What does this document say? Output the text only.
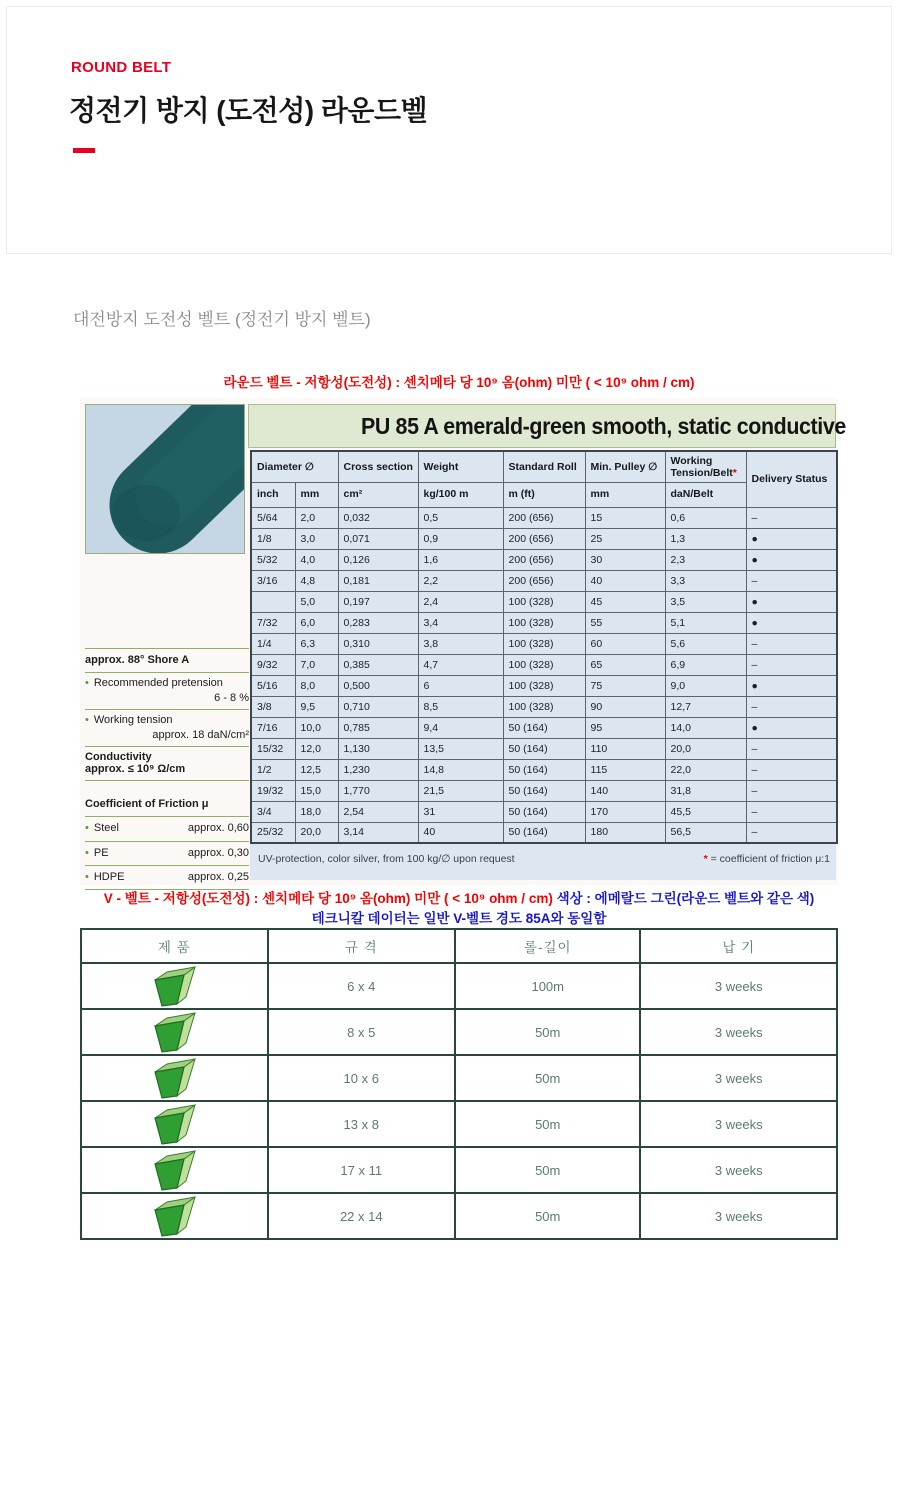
ROUND BELT
정전기 방지 (도전성) 라운드벨
대전방지 도전성 벨트 (정전기 방지 벨트)
라운드 벨트 - 저항성(도전성) : 센치메타 당 10⁹ 옴(ohm) 미만 ( < 10⁹ ohm / cm)
PU 85 A emerald-green smooth, static conductive
approx. 88° Shore A
• Recommended pretension
6 - 8 %
• Working tension
approx. 18 daN/cm²
Conductivity
approx. ≤ 10⁹ Ω/cm
Coefficient of Friction μ
• Steel	approx. 0,60
• PE	approx. 0,30
• HDPE	approx. 0,25
Diameter ∅		Cross section	Weight	Standard Roll	Min. Pulley ∅	Working Tension/Belt*	Delivery Status
inch	mm	cm²	kg/100 m	m (ft)	mm	daN/Belt	
5/64	2,0	0,032	0,5	200 (656)	15	0,6	–
1/8	3,0	0,071	0,9	200 (656)	25	1,3	●
5/32	4,0	0,126	1,6	200 (656)	30	2,3	●
3/16	4,8	0,181	2,2	200 (656)	40	3,3	–
	5,0	0,197	2,4	100 (328)	45	3,5	●
7/32	6,0	0,283	3,4	100 (328)	55	5,1	●
1/4	6,3	0,310	3,8	100 (328)	60	5,6	–
9/32	7,0	0,385	4,7	100 (328)	65	6,9	–
5/16	8,0	0,500	6	100 (328)	75	9,0	●
3/8	9,5	0,710	8,5	100 (328)	90	12,7	–
7/16	10,0	0,785	9,4	50 (164)	95	14,0	●
15/32	12,0	1,130	13,5	50 (164)	110	20,0	–
1/2	12,5	1,230	14,8	50 (164)	115	22,0	–
19/32	15,0	1,770	21,5	50 (164)	140	31,8	–
3/4	18,0	2,54	31	50 (164)	170	45,5	–
25/32	20,0	3,14	40	50 (164)	180	56,5	–
UV-protection, color silver, from 100 kg/∅ upon request	* = coefficient of friction μ:1
V - 벨트 - 저항성(도전성) : 센치메타 당 10⁹ 옴(ohm) 미만 ( < 10⁹ ohm / cm) 색상 : 에메랄드 그린(라운드 벨트와 같은 색)
테크니칼 데이터는 일반 V-벨트 경도 85A와 동일함
제 품	규 격	롤-길이	납 기

	6 x 4	100m	3 weeks

	8 x 5	50m	3 weeks

	10 x 6	50m	3 weeks

	13 x 8	50m	3 weeks

	17 x 11	50m	3 weeks

	22 x 14	50m	3 weeks
